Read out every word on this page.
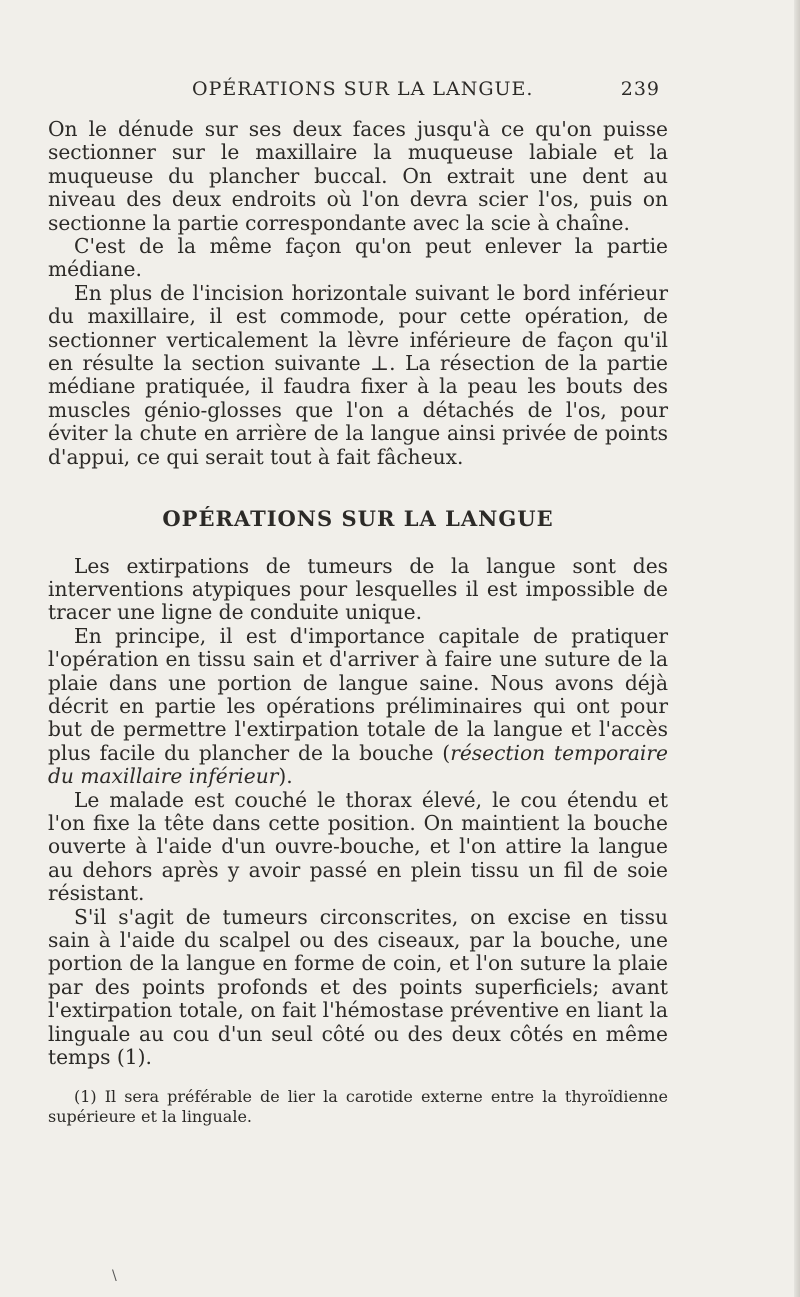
OPÉRATIONS SUR LA LANGUE.	239

On le dénude sur ses deux faces jusqu'à ce qu'on puisse sectionner sur le maxillaire la muqueuse labiale et la muqueuse du plancher buccal. On extrait une dent au niveau des deux endroits où l'on devra scier l'os, puis on sectionne la partie correspondante avec la scie à chaîne.

C'est de la même façon qu'on peut enlever la partie médiane.

En plus de l'incision horizontale suivant le bord inférieur du maxillaire, il est commode, pour cette opération, de sectionner verticalement la lèvre inférieure de façon qu'il en résulte la section suivante ⊥. La résection de la partie médiane pratiquée, il faudra fixer à la peau les bouts des muscles génio-glosses que l'on a détachés de l'os, pour éviter la chute en arrière de la langue ainsi privée de points d'appui, ce qui serait tout à fait fâcheux.

OPÉRATIONS SUR LA LANGUE

Les extirpations de tumeurs de la langue sont des interventions atypiques pour lesquelles il est impossible de tracer une ligne de conduite unique.

En principe, il est d'importance capitale de pratiquer l'opération en tissu sain et d'arriver à faire une suture de la plaie dans une portion de langue saine. Nous avons déjà décrit en partie les opérations préliminaires qui ont pour but de permettre l'extirpation totale de la langue et l'accès plus facile du plancher de la bouche (résection temporaire du maxillaire inférieur).

Le malade est couché le thorax élevé, le cou étendu et l'on fixe la tête dans cette position. On maintient la bouche ouverte à l'aide d'un ouvre-bouche, et l'on attire la langue au dehors après y avoir passé en plein tissu un fil de soie résistant.

S'il s'agit de tumeurs circonscrites, on excise en tissu sain à l'aide du scalpel ou des ciseaux, par la bouche, une portion de la langue en forme de coin, et l'on suture la plaie par des points profonds et des points superficiels; avant l'extirpation totale, on fait l'hémostase préventive en liant la linguale au cou d'un seul côté ou des deux côtés en même temps (1).

(1) Il sera préférable de lier la carotide externe entre la thyroïdienne supérieure et la linguale.
\
